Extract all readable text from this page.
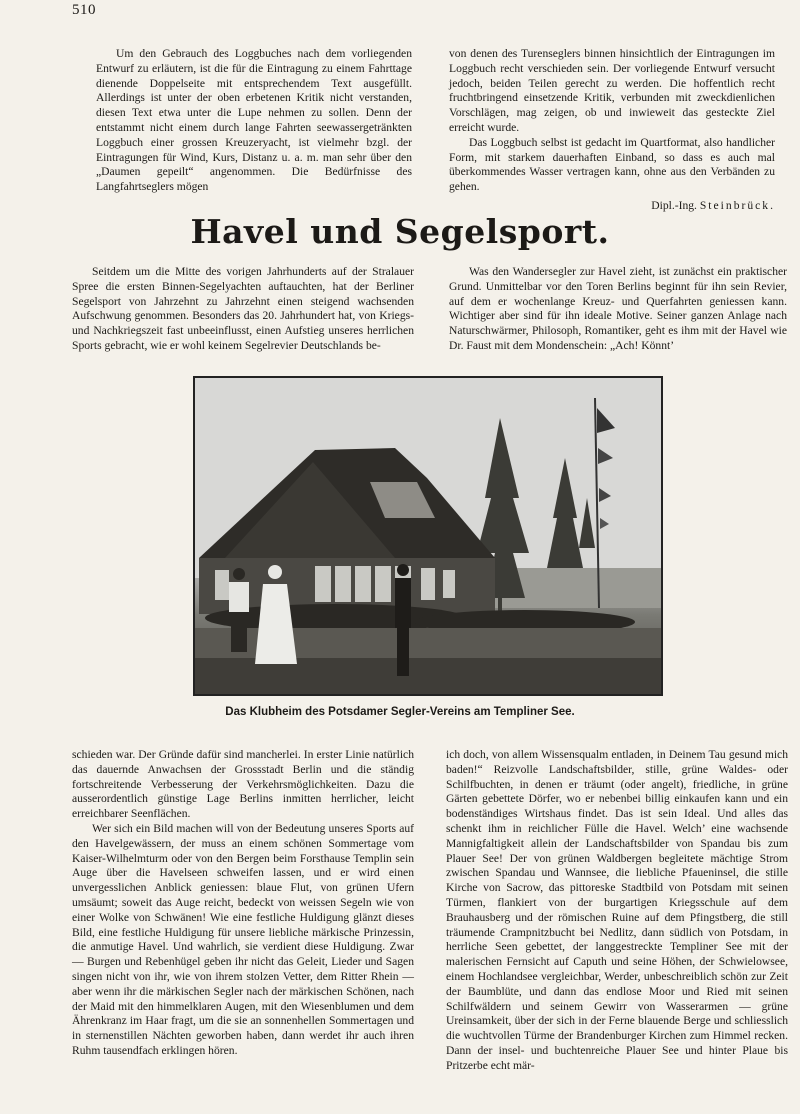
510

Um den Gebrauch des Loggbuches nach dem vorliegenden Entwurf zu erläutern, ist die für die Eintragung zu einem Fahrttage dienende Doppelseite mit entsprechendem Text ausgefüllt. Allerdings ist unter der oben erbetenen Kritik nicht verstanden, diesen Text etwa unter die Lupe nehmen zu sollen. Denn der entstammt nicht einem durch lange Fahrten seewassergetränkten Loggbuch einer grossen Kreuzeryacht, ist vielmehr bzgl. der Eintragungen für Wind, Kurs, Distanz u. a. m. man sehr über den „Daumen gepeilt“ angenommen. Die Bedürfnisse des Langfahrtseglers mögen

von denen des Turenseglers binnen hinsichtlich der Eintragungen im Loggbuch recht verschieden sein. Der vorliegende Entwurf versucht jedoch, beiden Teilen gerecht zu werden. Die hoffentlich recht fruchtbringend einsetzende Kritik, verbunden mit zweckdienlichen Vorschlägen, mag zeigen, ob und inwieweit das gesteckte Ziel erreicht wurde.

Das Loggbuch selbst ist gedacht im Quartformat, also handlicher Form, mit starkem dauerhaften Einband, so dass es auch mal überkommendes Wasser vertragen kann, ohne aus den Verbänden zu gehen.

Dipl.-Ing. Steinbrück.
Havel und Segelsport.

Seitdem um die Mitte des vorigen Jahrhunderts auf der Stralauer Spree die ersten Binnen-Segelyachten auftauchten, hat der Berliner Segelsport von Jahrzehnt zu Jahrzehnt einen steigend wachsenden Aufschwung genommen. Besonders das 20. Jahrhundert hat, von Kriegs- und Nachkriegszeit fast unbeeinflusst, einen Aufstieg unseres herrlichen Sports gebracht, wie er wohl keinem Segelrevier Deutschlands be-

Was den Wandersegler zur Havel zieht, ist zunächst ein praktischer Grund. Unmittelbar vor den Toren Berlins beginnt für ihn sein Revier, auf dem er wochenlange Kreuz- und Querfahrten geniessen kann. Wichtiger aber sind für ihn ideale Motive. Seiner ganzen Anlage nach Naturschwärmer, Philosoph, Romantiker, geht es ihm mit der Havel wie Dr. Faust mit dem Mondenschein: „Ach! Könnt’

Das Klubheim des Potsdamer Segler-Vereins am Templiner See.

schieden war. Der Gründe dafür sind mancherlei. In erster Linie natürlich das dauernde Anwachsen der Grossstadt Berlin und die ständig fortschreitende Verbesserung der Verkehrsmöglichkeiten. Dazu die ausserordentlich günstige Lage Berlins inmitten herrlicher, leicht erreichbarer Seenflächen.

Wer sich ein Bild machen will von der Bedeutung unseres Sports auf den Havelgewässern, der muss an einem schönen Sommertage vom Kaiser-Wilhelmturm oder von den Bergen beim Forsthause Templin sein Auge über die Havelseen schweifen lassen, und er wird einen unvergesslichen Anblick geniessen: blaue Flut, von grünen Ufern umsäumt; soweit das Auge reicht, bedeckt von weissen Segeln wie von einer Wolke von Schwänen! Wie eine festliche Huldigung glänzt dieses Bild, eine festliche Huldigung für unsere liebliche märkische Prinzessin, die anmutige Havel. Und wahrlich, sie verdient diese Huldigung. Zwar — Burgen und Rebenhügel geben ihr nicht das Geleit, Lieder und Sagen singen nicht von ihr, wie von ihrem stolzen Vetter, dem Ritter Rhein — aber wenn ihr die märkischen Segler nach der märkischen Schönen, nach der Maid mit den himmelklaren Augen, mit den Wiesenblumen und dem Ährenkranz im Haar fragt, um die sie an sonnenhellen Sommertagen und in sternenstillen Nächten geworben haben, dann werdet ihr auch ihren Ruhm tausendfach erklingen hören.

ich doch, von allem Wissensqualm entladen, in Deinem Tau gesund mich baden!“ Reizvolle Landschaftsbilder, stille, grüne Waldes- oder Schilfbuchten, in denen er träumt (oder angelt), friedliche, in grüne Gärten gebettete Dörfer, wo er nebenbei billig einkaufen kann und ein bodenständiges Wirtshaus findet. Das ist sein Ideal. Und alles das schenkt ihm in reichlicher Fülle die Havel. Welch’ eine wachsende Mannigfaltigkeit allein der Landschaftsbilder von Spandau bis zum Plauer See! Der von grünen Waldbergen begleitete mächtige Strom zwischen Spandau und Wannsee, die liebliche Pfaueninsel, die stille Kirche von Sacrow, das pittoreske Stadtbild von Potsdam mit seinen Türmen, flankiert von der burgartigen Kriegsschule auf dem Brauhausberg und der römischen Ruine auf dem Pfingstberg, die still träumende Crampnitzbucht bei Nedlitz, dann südlich von Potsdam, in herrliche Seen gebettet, der langgestreckte Templiner See mit der malerischen Fernsicht auf Caputh und seine Höhen, der Schwielowsee, einem Hochlandsee vergleichbar, Werder, unbeschreiblich schön zur Zeit der Baumblüte, und dann das endlose Moor und Ried mit seinen Schilfwäldern und seinem Gewirr von Wasserarmen — grüne Ureinsamkeit, über der sich in der Ferne blauende Berge und schliesslich die wuchtvollen Türme der Brandenburger Kirchen zum Himmel recken. Dann der insel- und buchtenreiche Plauer See und hinter Plaue bis Pritzerbe echt mär-
